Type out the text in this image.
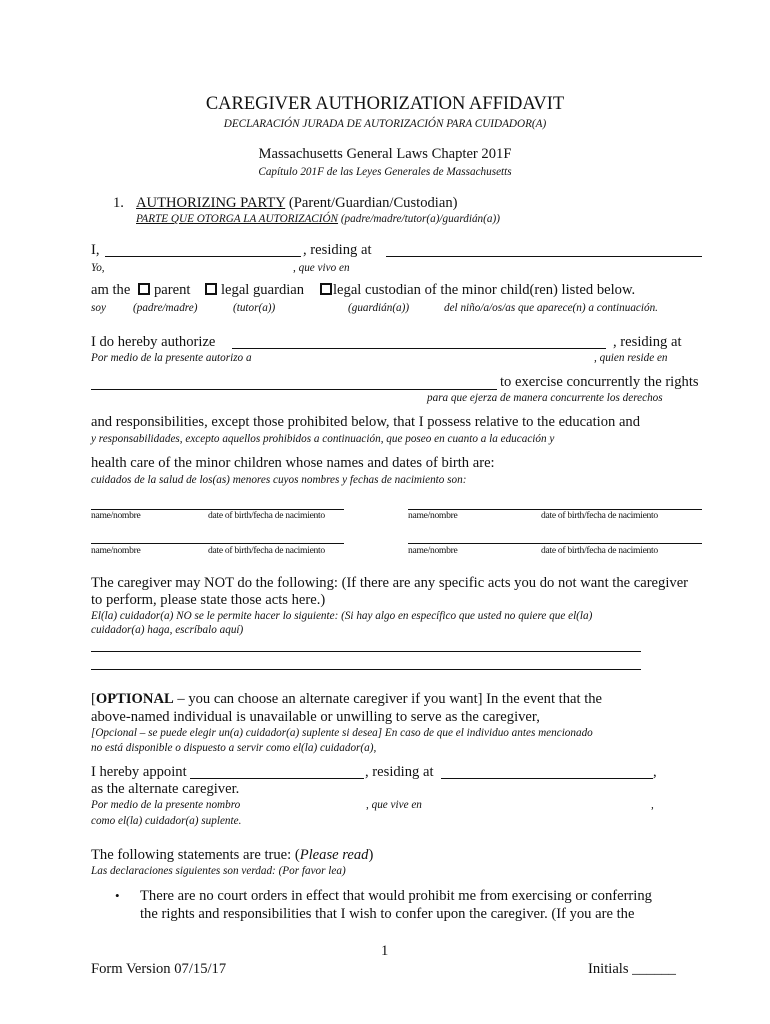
CAREGIVER AUTHORIZATION AFFIDAVIT
DECLARACIÓN JURADA DE AUTORIZACIÓN PARA CUIDADOR(A)
Massachusetts General Laws Chapter 201F
Capítulo 201F de las Leyes Generales de Massachusetts
1. AUTHORIZING PARTY (Parent/Guardian/Custodian)
PARTE QUE OTORGA LA AUTORIZACIÓN (padre/madre/tutor(a)/guardián(a))
I,	, residing at
Yo,	, que vivo en
am the	parent	legal guardian	legal custodian of the minor child(ren) listed below.
soy (padre/madre)	(tutor(a))	(guardián(a))	del niño/a/os/as que aparece(n) a continuación.
I do hereby authorize	, residing at
Por medio de la presente autorizo a	, quien reside en
to exercise concurrently the rights
para que ejerza de manera concurrente los derechos
and responsibilities, except those prohibited below, that I possess relative to the education and
y responsabilidades, excepto aquellos prohibidos a continuación, que poseo en cuanto a la educación y
health care of the minor children whose names and dates of birth are:
cuidados de la salud de los(as) menores cuyos nombres y fechas de nacimiento son:
name/nombre	date of birth/fecha de nacimiento	name/nombre	date of birth/fecha de nacimiento
name/nombre	date of birth/fecha de nacimiento	name/nombre	date of birth/fecha de nacimiento
The caregiver may NOT do the following: (If there are any specific acts you do not want the caregiver
to perform, please state those acts here.)
El(la) cuidador(a) NO se le permite hacer lo siguiente: (Si hay algo en específico que usted no quiere que el(la)
cuidador(a) haga, escríbalo aquí)
[OPTIONAL – you can choose an alternate caregiver if you want] In the event that the
above-named individual is unavailable or unwilling to serve as the caregiver,
[Opcional – se puede elegir un(a) cuidador(a) suplente si desea] En caso de que el individuo antes mencionado
no está disponible o dispuesto a servir como el(la) cuidador(a),
I hereby appoint	, residing at	,
as the alternate caregiver.
Por medio de la presente nombro	, que vive en	,
como el(la) cuidador(a) suplente.
The following statements are true: (Please read)
Las declaraciones siguientes son verdad: (Por favor lea)
• There are no court orders in effect that would prohibit me from exercising or conferring
the rights and responsibilities that I wish to confer upon the caregiver. (If you are the
1
Form Version 07/15/17	Initials ______
